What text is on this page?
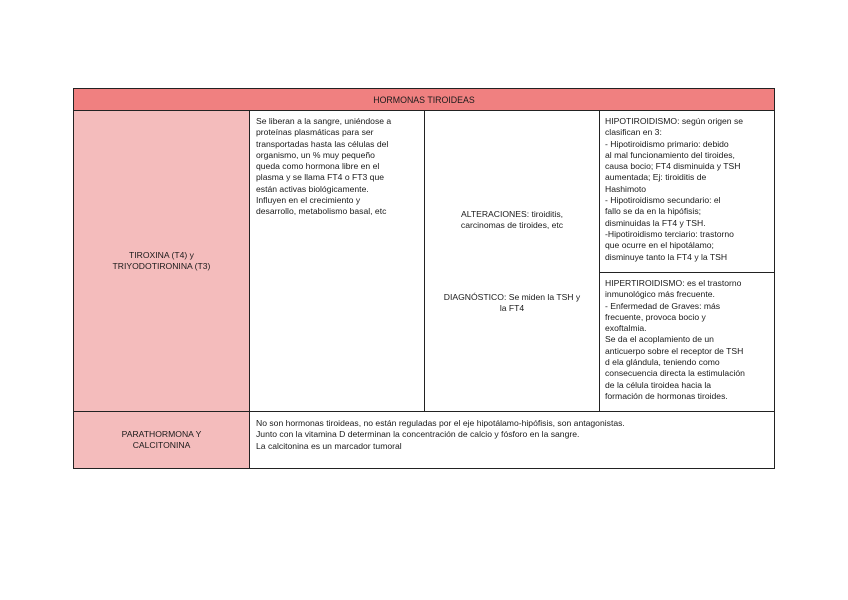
HORMONAS TIROIDEAS
TIROXINA (T4) y
TRIYODOTIRONINA (T3)
Se liberan a la sangre, uniéndose a
proteínas plasmáticas para ser
transportadas hasta las células del
organismo, un % muy pequeño
queda como hormona libre en el
plasma y se llama FT4 o FT3 que
están activas biológicamente.
Influyen en el crecimiento y
desarrollo, metabolismo basal, etc	ALTERACIONES: tiroiditis,
carcinomas de tiroides, etc
DIAGNÓSTICO: Se miden la TSH y
la FT4
HIPOTIROIDISMO: según origen se
clasifican en 3:
- Hipotiroidismo primario: debido
al mal funcionamiento del tiroides,
causa bocio; FT4 disminuida y TSH
aumentada; Ej: tiroiditis de
Hashimoto
- Hipotiroidismo secundario: el
fallo se da en la hipófisis;
disminuidas la FT4 y TSH.
-Hipotiroidismo terciario: trastorno
que ocurre en el hipotálamo;
disminuye tanto la FT4 y la TSH
HIPERTIROIDISMO: es el trastorno
inmunológico más frecuente.
- Enfermedad de Graves: más
frecuente, provoca bocio y
exoftalmia.
Se da el acoplamiento de un
anticuerpo sobre el receptor de TSH
d ela glándula, teniendo como
consecuencia directa la estimulación
de la célula tiroidea hacia la
formación de hormonas tiroides.
PARATHORMONA Y
CALCITONINA
No son hormonas tiroideas, no están reguladas por el eje hipotálamo-hipófisis, son antagonistas.
Junto con la vitamina D determinan la concentración de calcio y fósforo en la sangre.
La calcitonina es un marcador tumoral
